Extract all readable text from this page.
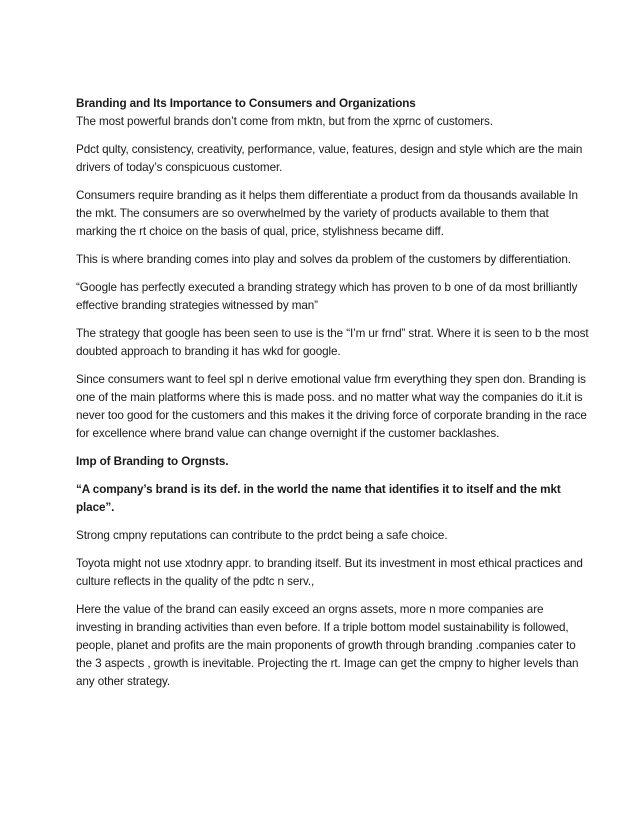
Branding and Its Importance to Consumers and Organizations
The most powerful brands don’t come from mktn, but from the xprnc of customers.

Pdct qulty, consistency, creativity, performance, value, features, design and style which are the main drivers of today’s conspicuous customer.

Consumers require branding as it helps them differentiate a product from da thousands available In the mkt. The consumers are so overwhelmed by the variety of products available to them that marking the rt choice on the basis of qual, price, stylishness became diff.

This is where branding comes into play and solves da problem of the customers by differentiation.

“Google has perfectly executed a branding strategy which has proven to b one of da most brilliantly effective branding strategies witnessed by man”

The strategy that google has been seen to use is the “I’m ur frnd” strat. Where it is seen to b the most doubted approach to branding it has wkd for google.

Since consumers want to feel spl n derive emotional value frm everything they spen don. Branding is one of the main platforms where this is made poss. and no matter what way the companies do it.it is never too good for the customers and this makes it the driving force of corporate branding in the race for excellence where brand value can change overnight if the customer backlashes.

Imp of Branding to Orgnsts.

“A company’s brand is its def. in the world the name that identifies it to itself and the mkt place”.

Strong cmpny reputations can contribute to the prdct being a safe choice.

Toyota might not use xtodnry appr. to branding itself. But its investment in most ethical practices and culture reflects in the quality of the pdtc n serv.,

Here the value of the brand can easily exceed an orgns assets, more n more companies are investing in branding activities than even before. If a triple bottom model sustainability is followed, people, planet and profits are the main proponents of growth through branding .companies cater to the 3 aspects , growth is inevitable. Projecting the rt. Image can get the cmpny to higher levels than any other strategy.
